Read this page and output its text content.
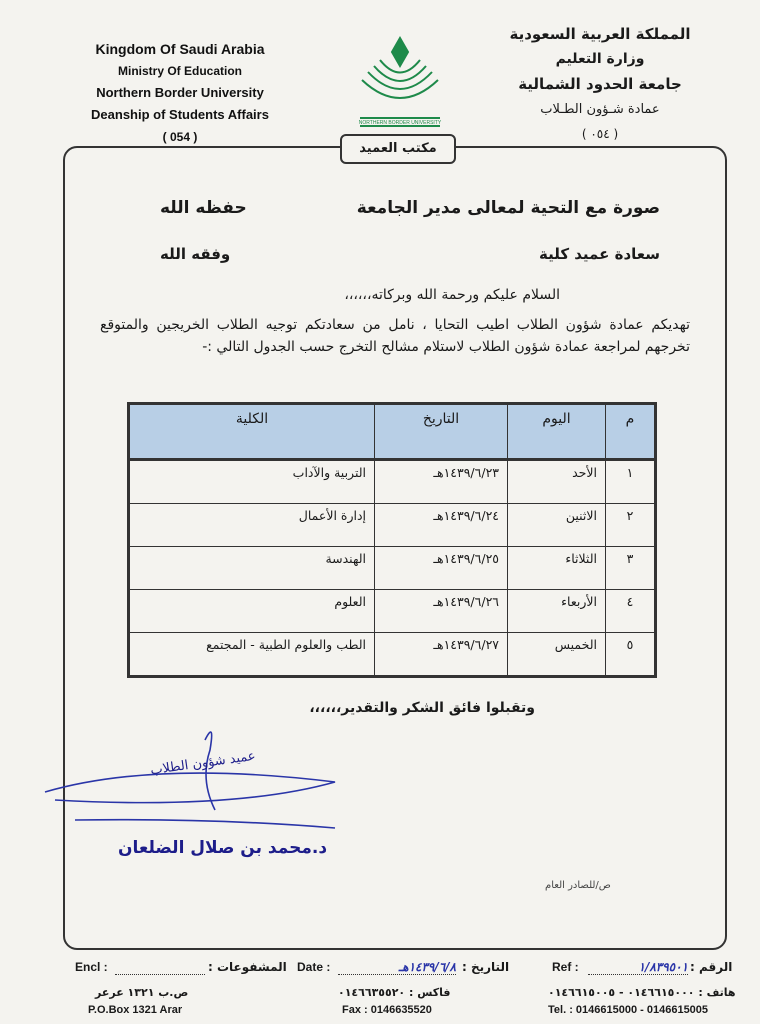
Kingdom Of Saudi Arabia
Ministry Of Education
Northern Border University
Deanship of Students Affairs
( 054 )
NORTHERN BORDER UNIVERSITY
المملكة العربية السعودية
وزارة التعليم
جامعة الحدود الشمالية
عمادة شـؤون الطـلاب
( ٠٥٤ )
مكتب العميد
صورة مع التحية لمعالى مدير الجامعة
حفظه الله
سعادة عميد كلية
وفقه الله
السلام عليكم ورحمة الله وبركاته،،،،،،
تهديكم عمادة شؤون الطلاب اطيب التحايا ، نامل من سعادتكم توجيه الطلاب الخريجين والمتوقع تخرجهم لمراجعة عمادة شؤون الطلاب لاستلام مشالح التخرج حسب الجدول التالي :-
م	اليوم	التاريخ	الكلية
١	الأحد	١٤٣٩/٦/٢٣هـ	التربية والآداب
٢	الاثنين	١٤٣٩/٦/٢٤هـ	إدارة الأعمال
٣	الثلاثاء	١٤٣٩/٦/٢٥هـ	الهندسة
٤	الأربعاء	١٤٣٩/٦/٢٦هـ	العلوم
٥	الخميس	١٤٣٩/٦/٢٧هـ	الطب والعلوم الطبية - المجتمع
وتقبلوا فائق الشكر والتقدير،،،،،،
عميد شؤون الطلاب
د.محمد بن صلال الضلعان
ص/للصادر العام
Encl :
	المشفوعات : Date :	١٤٣٩/٦/٨هـ التاريخ :	Ref :	١/٨٣٩٥٠١ الرقم :
ص.ب ١٣٢١ عرعر
P.O.Box 1321 Arar
فاكس : ٠١٤٦٦٣٥٥٢٠
Fax : 0146635520
هاتف : ٠١٤٦٦١٥٠٠٠ - ٠١٤٦٦١٥٠٠٥
Tel. : 0146615000 - 0146615005
